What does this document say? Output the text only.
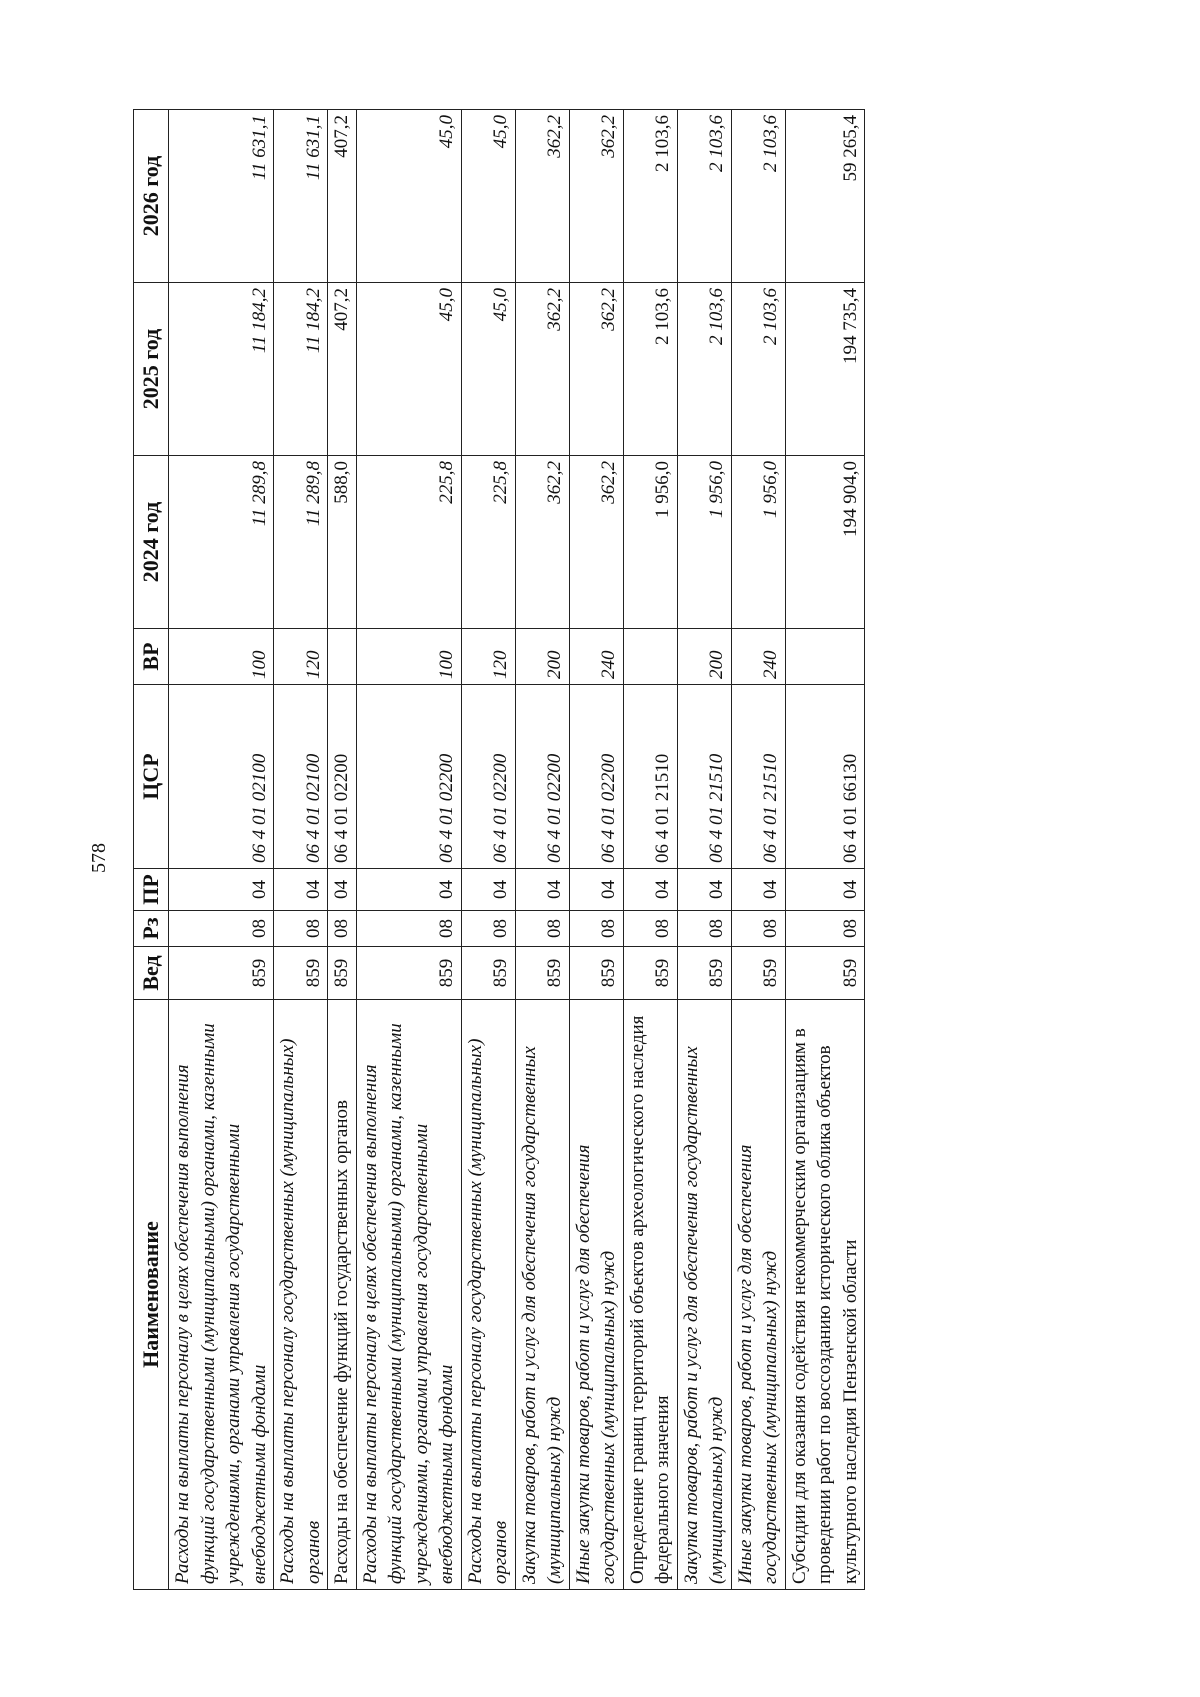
578
Наименование	Вед	Рз	ПР	ЦСР	ВР	2024 год	2025 год	2026 год
Расходы на выплаты персоналу в целях обеспечения выполнения функций государственными (муниципальными) органами, казенными учреждениями, органами управления государственными внебюджетными фондами	859	08	04	06 4 01 02100	100	11 289,8	11 184,2	11 631,1
Расходы на выплаты персоналу государственных (муниципальных) органов	859	08	04	06 4 01 02100	120	11 289,8	11 184,2	11 631,1
Расходы на обеспечение функций государственных органов	859	08	04	06 4 01 02200		588,0	407,2	407,2
Расходы на выплаты персоналу в целях обеспечения выполнения функций государственными (муниципальными) органами, казенными учреждениями, органами управления государственными внебюджетными фондами	859	08	04	06 4 01 02200	100	225,8	45,0	45,0
Расходы на выплаты персоналу государственных (муниципальных) органов	859	08	04	06 4 01 02200	120	225,8	45,0	45,0
Закупка товаров, работ и услуг для обеспечения государственных (муниципальных) нужд	859	08	04	06 4 01 02200	200	362,2	362,2	362,2
Иные закупки товаров, работ и услуг для обеспечения государственных (муниципальных) нужд	859	08	04	06 4 01 02200	240	362,2	362,2	362,2
Определение границ территорий объектов археологического наследия федерального значения	859	08	04	06 4 01 21510		1 956,0	2 103,6	2 103,6
Закупка товаров, работ и услуг для обеспечения государственных (муниципальных) нужд	859	08	04	06 4 01 21510	200	1 956,0	2 103,6	2 103,6
Иные закупки товаров, работ и услуг для обеспечения государственных (муниципальных) нужд	859	08	04	06 4 01 21510	240	1 956,0	2 103,6	2 103,6
Субсидии для оказания содействия некоммерческим организациям в проведении работ по воссозданию исторического облика объектов культурного наследия Пензенской области	859	08	04	06 4 01 66130		194 904,0	194 735,4	59 265,4
